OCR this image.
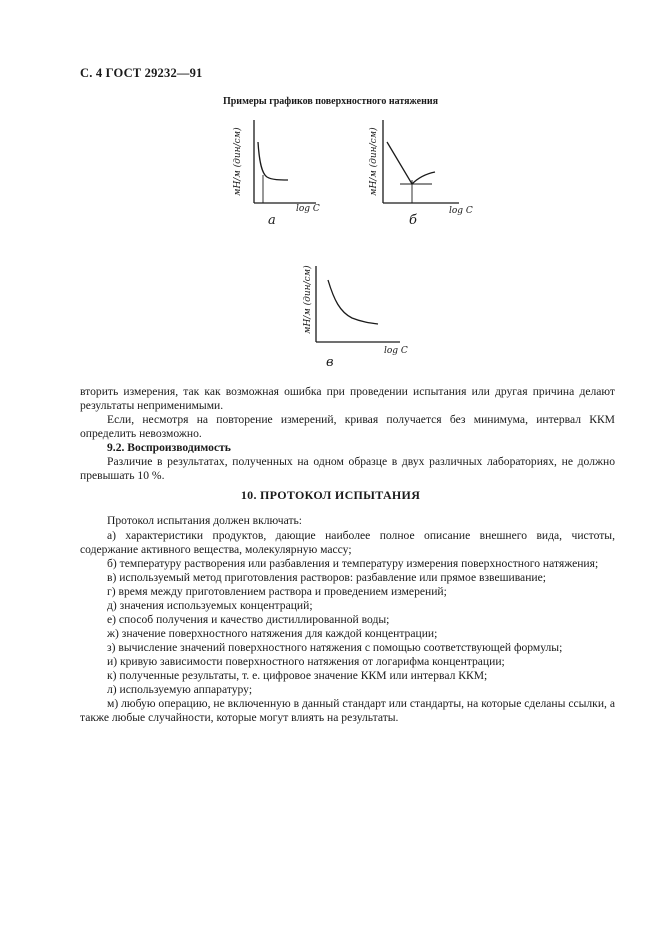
С. 4 ГОСТ 29232—91
Примеры графиков поверхностного натяжения
мН/м (дин/см)
log C
а
мН/м (дин/см)
log C
б
мН/м (дин/см)
log C
в

вторить измерения, так как возможная ошибка при проведении испытания или другая причина делают результаты неприменимыми.

Если, несмотря на повторение измерений, кривая получается без минимума, интервал ККМ определить невозможно.

9.2. Воспроизводимость

Различие в результатах, полученных на одном образце в двух различных лабораториях, не должно превышать 10 %.

10. ПРОТОКОЛ ИСПЫТАНИЯ

Протокол испытания должен включать:

а) характеристики продуктов, дающие наиболее полное описание внешнего вида, чистоты, содержание активного вещества, молекулярную массу;

б) температуру растворения или разбавления и температуру измерения поверхностного натяжения;

в) используемый метод приготовления растворов: разбавление или прямое взвешивание;

г) время между приготовлением раствора и проведением измерений;

д) значения используемых концентраций;

е) способ получения и качество дистиллированной воды;

ж) значение поверхностного натяжения для каждой концентрации;

з) вычисление значений поверхностного натяжения с помощью соответствующей формулы;

и) кривую зависимости поверхностного натяжения от логарифма концентрации;

к) полученные результаты, т. е. цифровое значение ККМ или интервал ККМ;

л) используемую аппаратуру;

м) любую операцию, не включенную в данный стандарт или стандарты, на которые сделаны ссылки, а также любые случайности, которые могут влиять на результаты.
